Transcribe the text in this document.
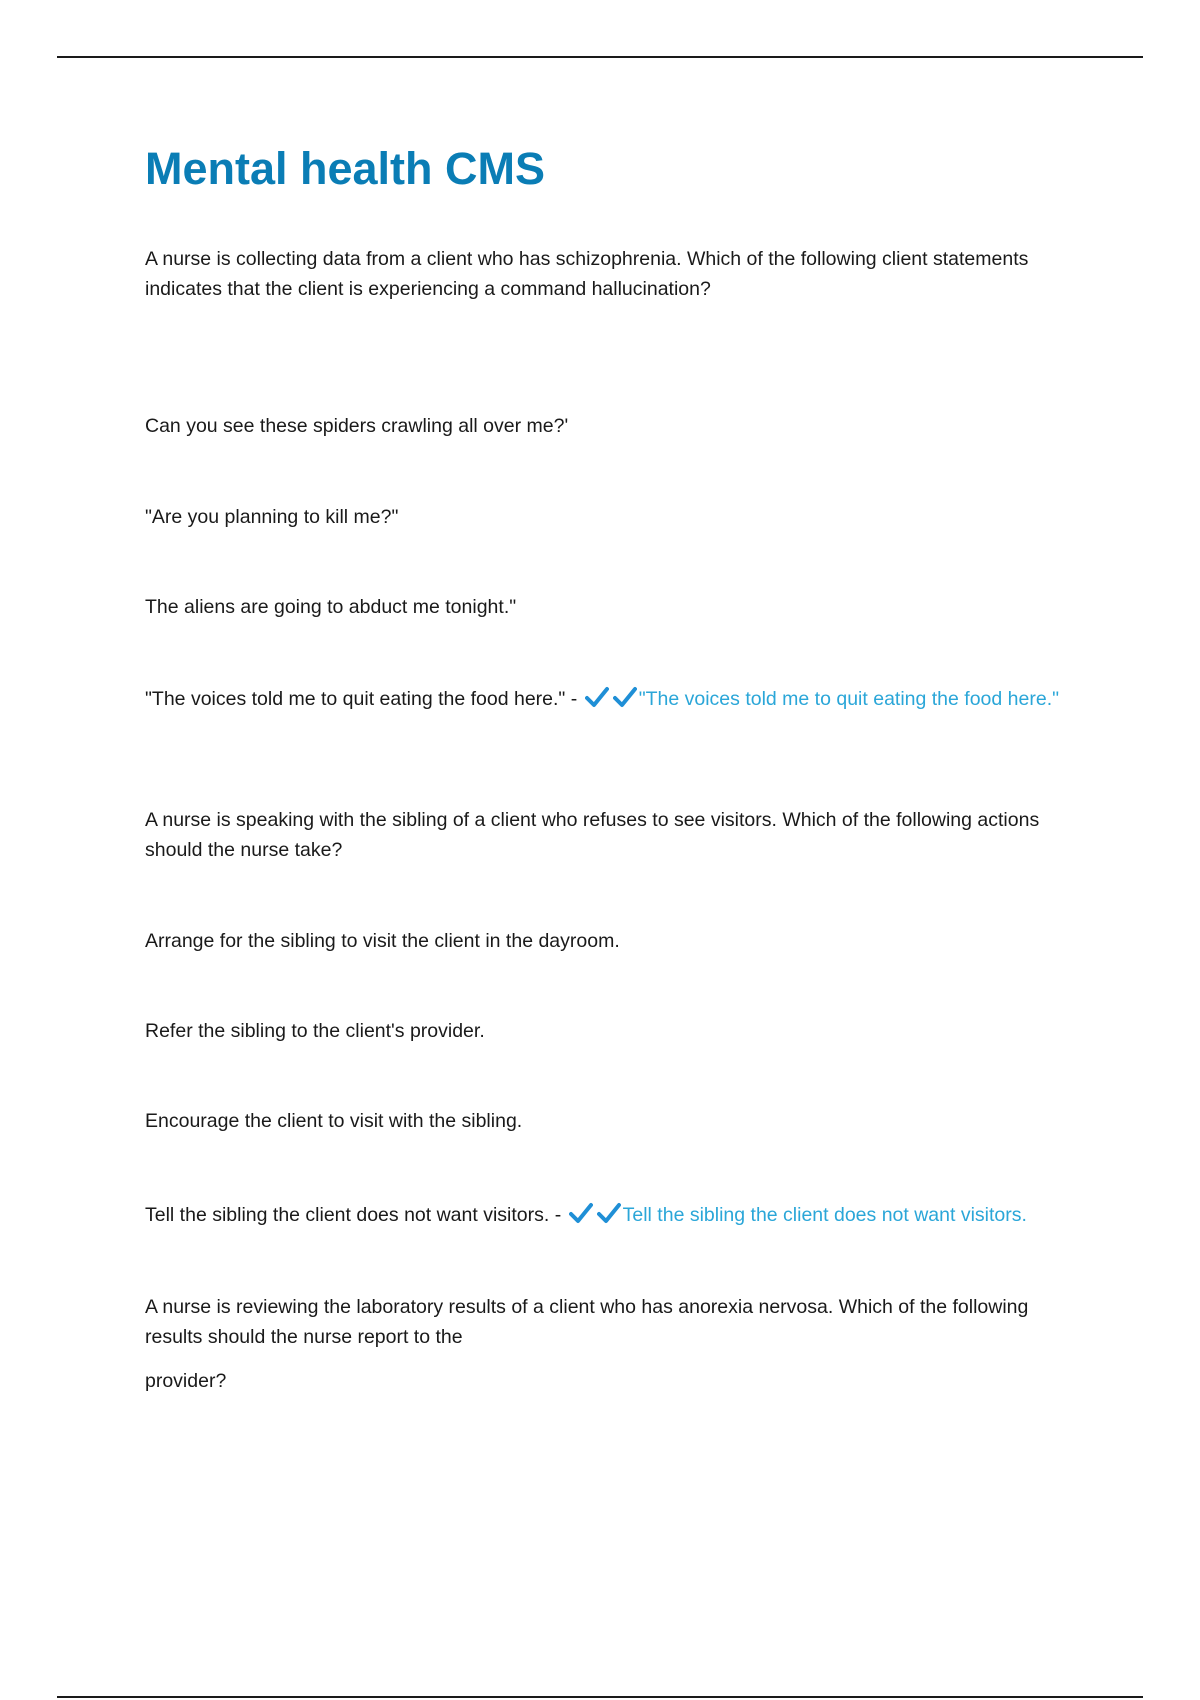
Mental health CMS

A nurse is collecting data from a client who has schizophrenia. Which of the following client statements indicates that the client is experiencing a command hallucination?

Can you see these spiders crawling all over me?'

"Are you planning to kill me?"

The aliens are going to abduct me tonight."

"The voices told me to quit eating the food here." -	"The voices told me to quit eating the food here."

A nurse is speaking with the sibling of a client who refuses to see visitors. Which of the following actions should the nurse take?

Arrange for the sibling to visit the client in the dayroom.

Refer the sibling to the client's provider.

Encourage the client to visit with the sibling.

Tell the sibling the client does not want visitors. -	Tell the sibling the client does not want visitors.

A nurse is reviewing the laboratory results of a client who has anorexia nervosa. Which of the following results should the nurse report to the

provider?
